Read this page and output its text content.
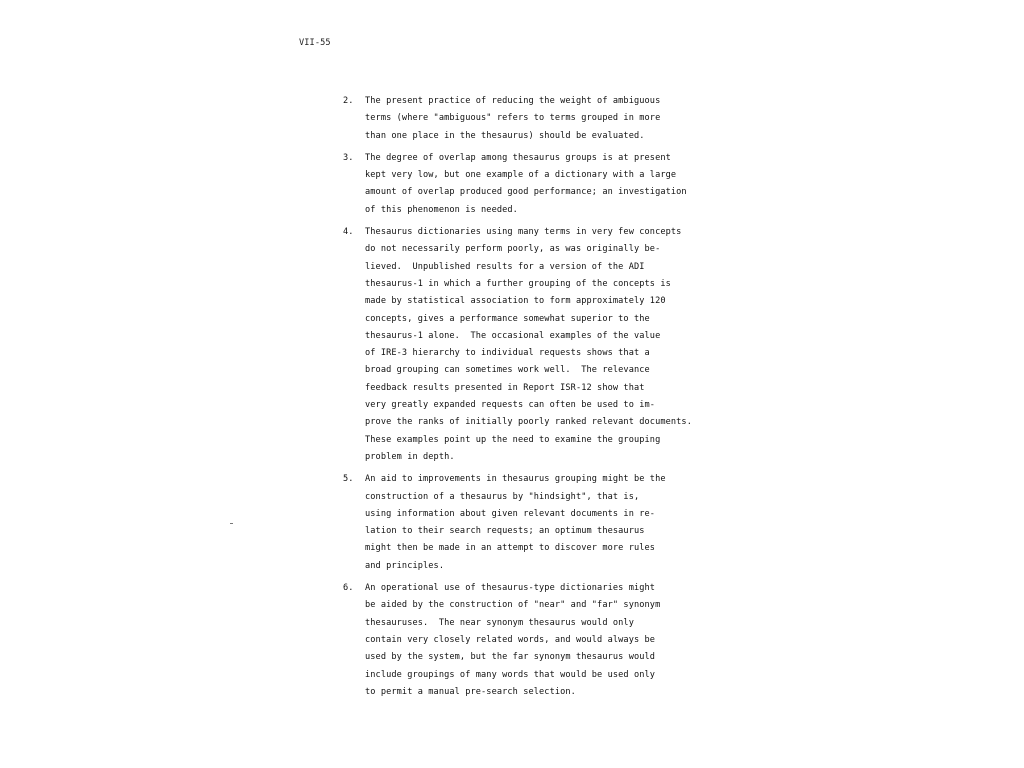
VII-55
2. The present practice of reducing the weight of ambiguous
terms (where "ambiguous" refers to terms grouped in more
than one place in the thesaurus) should be evaluated.
3. The degree of overlap among thesaurus groups is at present
kept very low, but one example of a dictionary with a large
amount of overlap produced good performance; an investigation
of this phenomenon is needed.
4. Thesaurus dictionaries using many terms in very few concepts
do not necessarily perform poorly, as was originally be-
lieved.  Unpublished results for a version of the ADI
thesaurus-1 in which a further grouping of the concepts is
made by statistical association to form approximately 120
concepts, gives a performance somewhat superior to the
thesaurus-1 alone.  The occasional examples of the value
of IRE-3 hierarchy to individual requests shows that a
broad grouping can sometimes work well.  The relevance
feedback results presented in Report ISR-12 show that
very greatly expanded requests can often be used to im-
prove the ranks of initially poorly ranked relevant documents.
These examples point up the need to examine the grouping
problem in depth.
5. An aid to improvements in thesaurus grouping might be the
construction of a thesaurus by "hindsight", that is,
using information about given relevant documents in re-
lation to their search requests; an optimum thesaurus
might then be made in an attempt to discover more rules
and principles.
6. An operational use of thesaurus-type dictionaries might
be aided by the construction of "near" and "far" synonym
thesauruses.  The near synonym thesaurus would only
contain very closely related words, and would always be
used by the system, but the far synonym thesaurus would
include groupings of many words that would be used only
to permit a manual pre-search selection.
